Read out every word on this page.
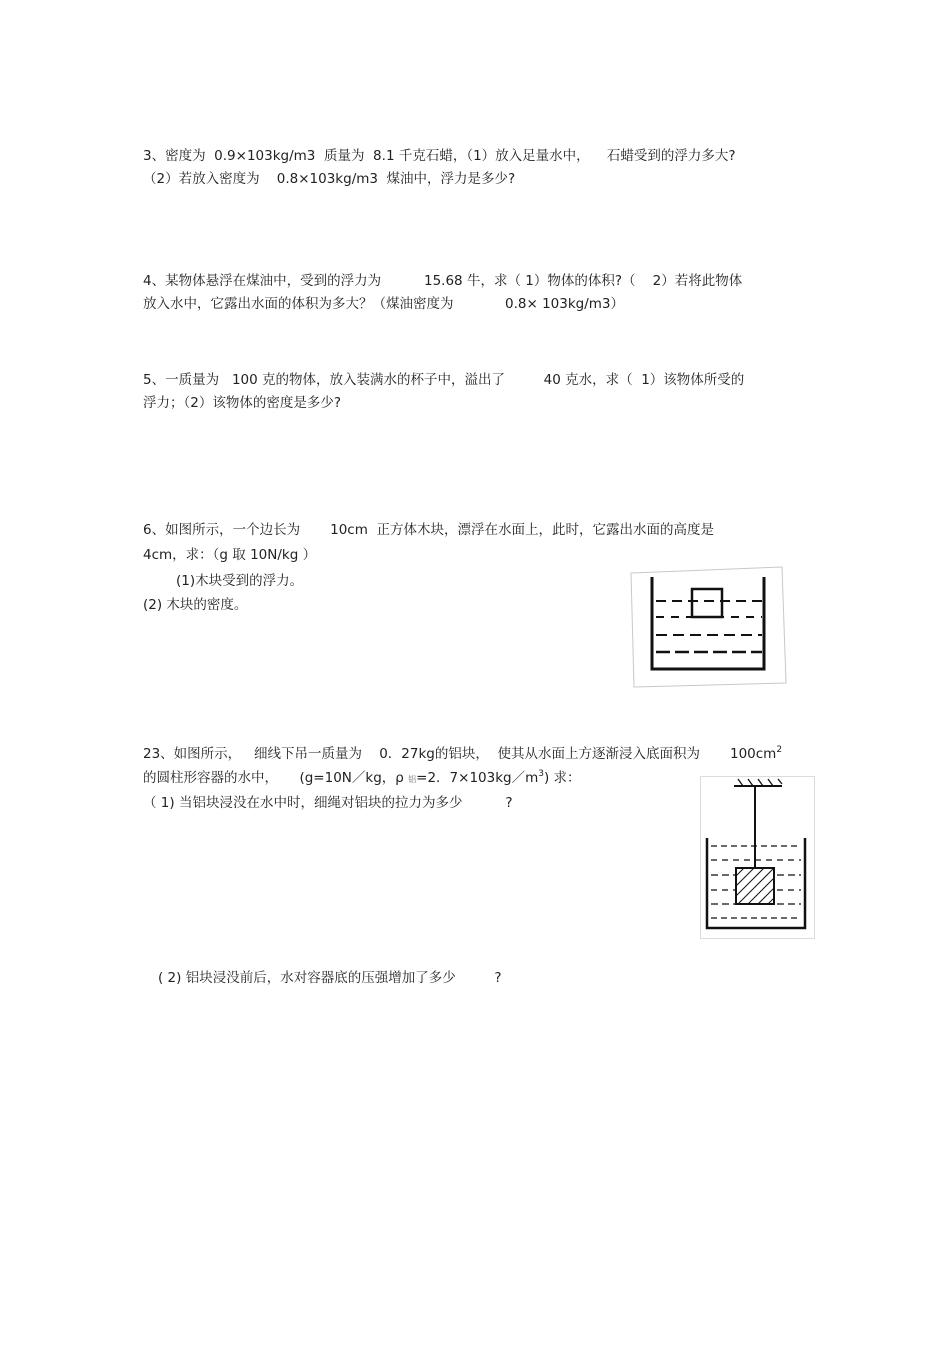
3、密度为  0.9×103kg/m3  质量为  8.1 千克石蜡，（1）放入足量水中，    石蜡受到的浮力多大?
（2）若放入密度为    0.8×103kg/m3  煤油中，浮力是多少?
4、某物体悬浮在煤油中，受到的浮力为          15.68 牛，求（ 1）物体的体积?（    2）若将此物体
放入水中，它露出水面的体积为多大？（煤油密度为            0.8× 103kg/m3）
5、一质量为   100 克的物体，放入装满水的杯子中，溢出了         40 克水，求（  1）该物体所受的
浮力；（2）该物体的密度是多少?
6、如图所示，一个边长为       10cm  正方体木块，漂浮在水面上，此时，它露出水面的高度是
4cm，求：（g 取 10N/kg ）
(1)木块受到的浮力。
(2) 木块的密度。
23、如图所示，   细线下吊一质量为    0．27kg的铝块，  使其从水面上方逐渐浸入底面积为       $100cm^2$
的圆柱形容器的水中，     (g=10N／kg，ρ 铝=2．$7\times 103kg/m^3$) 求：
（ 1) 当铝块浸没在水中时，细绳对铝块的拉力为多少          ?
( 2) 铝块浸没前后，水对容器底的压强增加了多少         ?
